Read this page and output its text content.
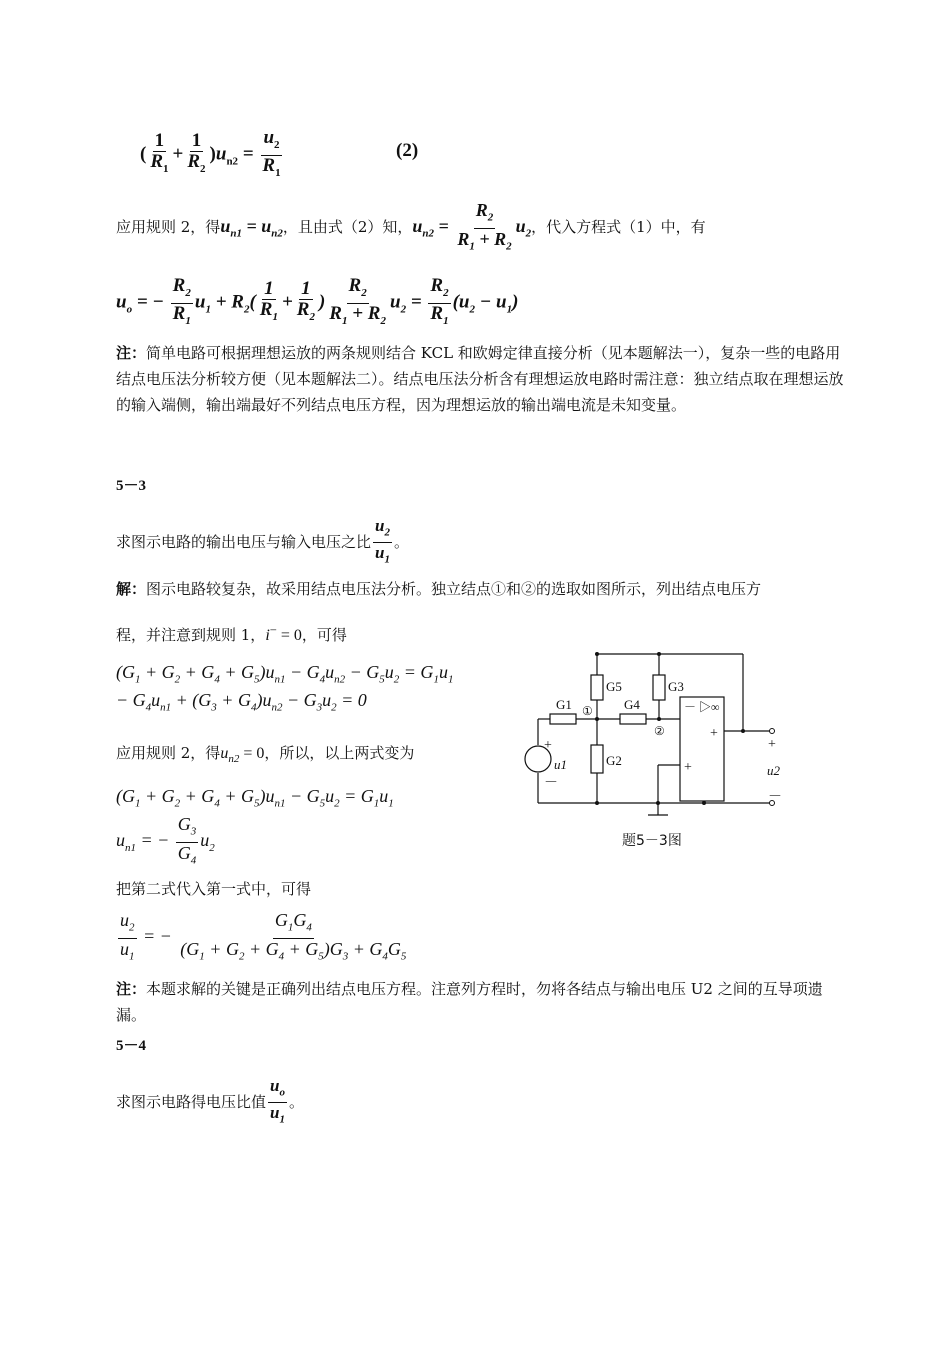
( $\frac{1}{R_1} + \frac{1}{R_2} )u_{n2} = \frac{u_2}{R_1}$	(2)
应用规则 2，得$u_{n1} = u_{n2}$，且由式（2）知，$u_{n2} = \frac{R_2}{R_1 + R_2} u_2$，代入方程式（1）中，有
$u_o$ = − $\frac{R_2}{R_1} u_1 + R_2( \frac{1}{R_1} + \frac{1}{R_2}$ ) $\frac{R_2}{R_1 + R_2} u_2 = \frac{R_2}{R_1} (u_2 - u_1)$
注：简单电路可根据理想运放的两条规则结合 KCL 和欧姆定律直接分析（见本题解法一），复杂一些的电路用结点电压法分析较方便（见本题解法二）。结点电压法分析含有理想运放电路时需注意：独立结点取在理想运放的输入端侧，输出端最好不列结点电压方程，因为理想运放的输出端电流是未知变量。
5－3
求图示电路的输出电压与输入电压之比 $\frac{u_2}{u_1}$ 。
解：图示电路较复杂，故采用结点电压法分析。独立结点①和②的选取如图所示，列出结点电压方
程，并注意到规则 1，i− = 0，可得
$(G_1 + G_2 + G_4 + G_5)u_{n1} - G_4u_{n2} - G_5u_2 = G_1u_1$
− $G_4u_{n1} + (G_3 + G_4)u_{n2} - G_3u_2 = 0$
应用规则 2，得$u_{n2} = 0$，所以，以上两式变为
$(G_1 + G_2 + G_4 + G_5)u_{n1} - G_5u_2 = G_1u_1$
$u_{n1}$ = − $\frac{G_3}{G_4} u_2$
把第二式代入第一式中，可得
$\frac{u_2}{u_1}$ = − $\frac{G_1G_4}{(G_1 + G_2 + G_4 + G_5)G_3 + G_4G_5}$
注：本题求解的关键是正确列出结点电压方程。注意列方程时，勿将各结点与输出电压 U2 之间的互导项遗漏。
5－4
求图示电路得电压比值 $\frac{u_o}{u_1}$ 。
G5	G3
G1	G4
G2
①
②
－ ▷∞
+
+
+
－
u1
+
u2
－
题5－3图
